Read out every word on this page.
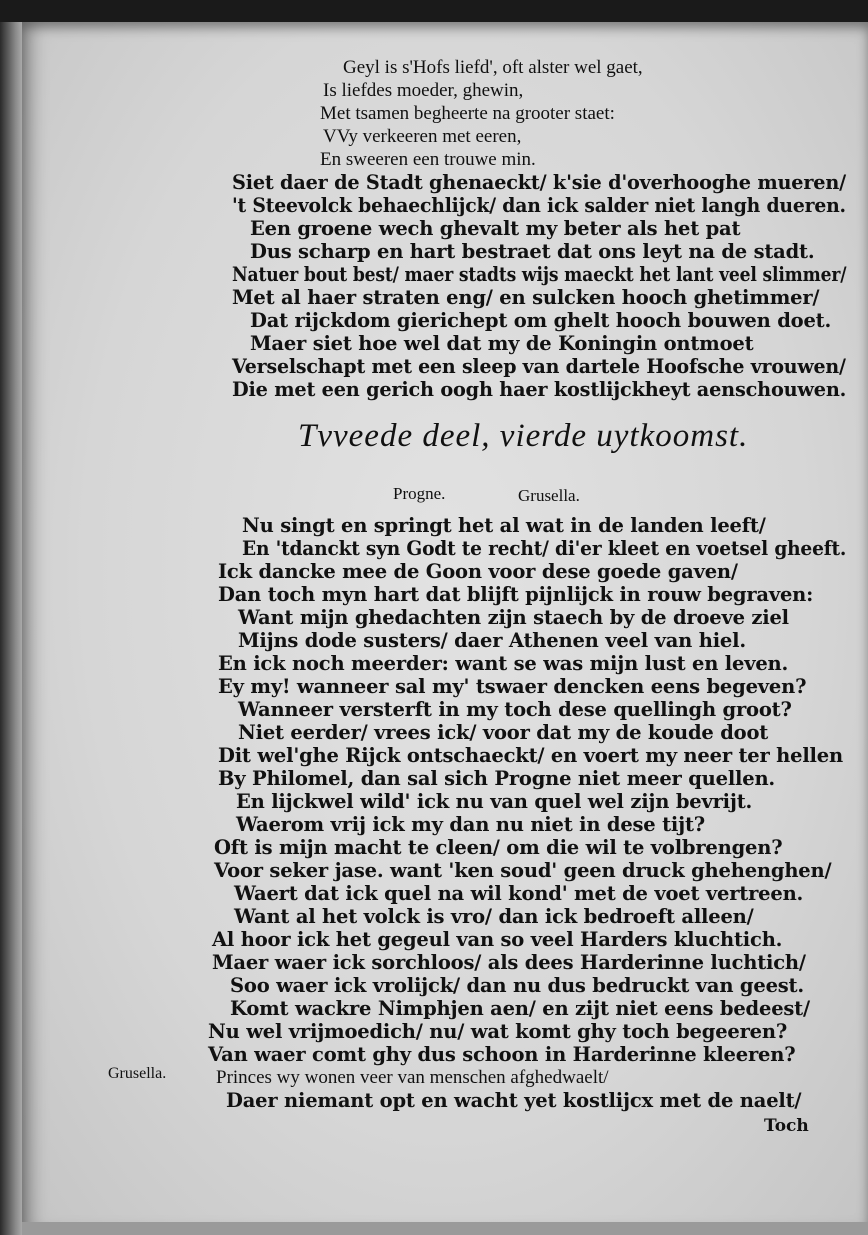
Geyl is s'Hofs liefd', oft alster wel gaet,
Is liefdes moeder, ghewin,
Met tsamen begheerte na grooter staet:
VVy verkeeren met eeren,
En sweeren een trouwe min.
Siet daer de Stadt ghenaeckt/ k'sie d'overhooghe mueren/
't Steevolck behaechlijck/ dan ick salder niet langh dueren.
Een groene wech ghevalt my beter als het pat
Dus scharp en hart bestraet dat ons leyt na de stadt.
Natuer bout best/ maer stadts wijs maeckt het lant veel slimmer/
Met al haer straten eng/ en sulcken hooch ghetimmer/
Dat rijckdom gierichept om ghelt hooch bouwen doet.
Maer siet hoe wel dat my de Koningin ontmoet
Verselschapt met een sleep van dartele Hoofsche vrouwen/
Die met een gerich oogh haer kostlijckheyt aenschouwen.
Tvveede deel, vierde uytkoomst.
Progne.	Grusella.
Nu singt en springt het al wat in de landen leeft/
En 'tdanckt syn Godt te recht/ di'er kleet en voetsel gheeft.
Ick dancke mee de Goon voor dese goede gaven/
Dan toch myn hart dat blijft pijnlijck in rouw begraven:
Want mijn ghedachten zijn staech by de droeve ziel
Mijns dode susters/ daer Athenen veel van hiel.
En ick noch meerder: want se was mijn lust en leven.
Ey my! wanneer sal my' tswaer dencken eens begeven?
Wanneer versterft in my toch dese quellingh groot?
Niet eerder/ vrees ick/ voor dat my de koude doot
Dit wel'ghe Rijck ontschaeckt/ en voert my neer ter hellen
By Philomel, dan sal sich Progne niet meer quellen.
En lijckwel wild' ick nu van quel wel zijn bevrijt.
Waerom vrij ick my dan nu niet in dese tijt?
Oft is mijn macht te cleen/ om die wil te volbrengen?
Voor seker jase. want 'ken soud' geen druck ghehenghen/
Waert dat ick quel na wil kond' met de voet vertreen.
Want al het volck is vro/ dan ick bedroeft alleen/
Al hoor ick het gegeul van so veel Harders kluchtich.
Maer waer ick sorchloos/ als dees Harderinne luchtich/
Soo waer ick vrolijck/ dan nu dus bedruckt van geest.
Komt wackre Nimphjen aen/ en zijt niet eens bedeest/
Nu wel vrijmoedich/ nu/ wat komt ghy toch begeeren?
Van waer comt ghy dus schoon in Harderinne kleeren?
Grusella.	Princes wy wonen veer van menschen afghedwaelt/
Daer niemant opt en wacht yet kostlijcx met de naelt/
Toch
